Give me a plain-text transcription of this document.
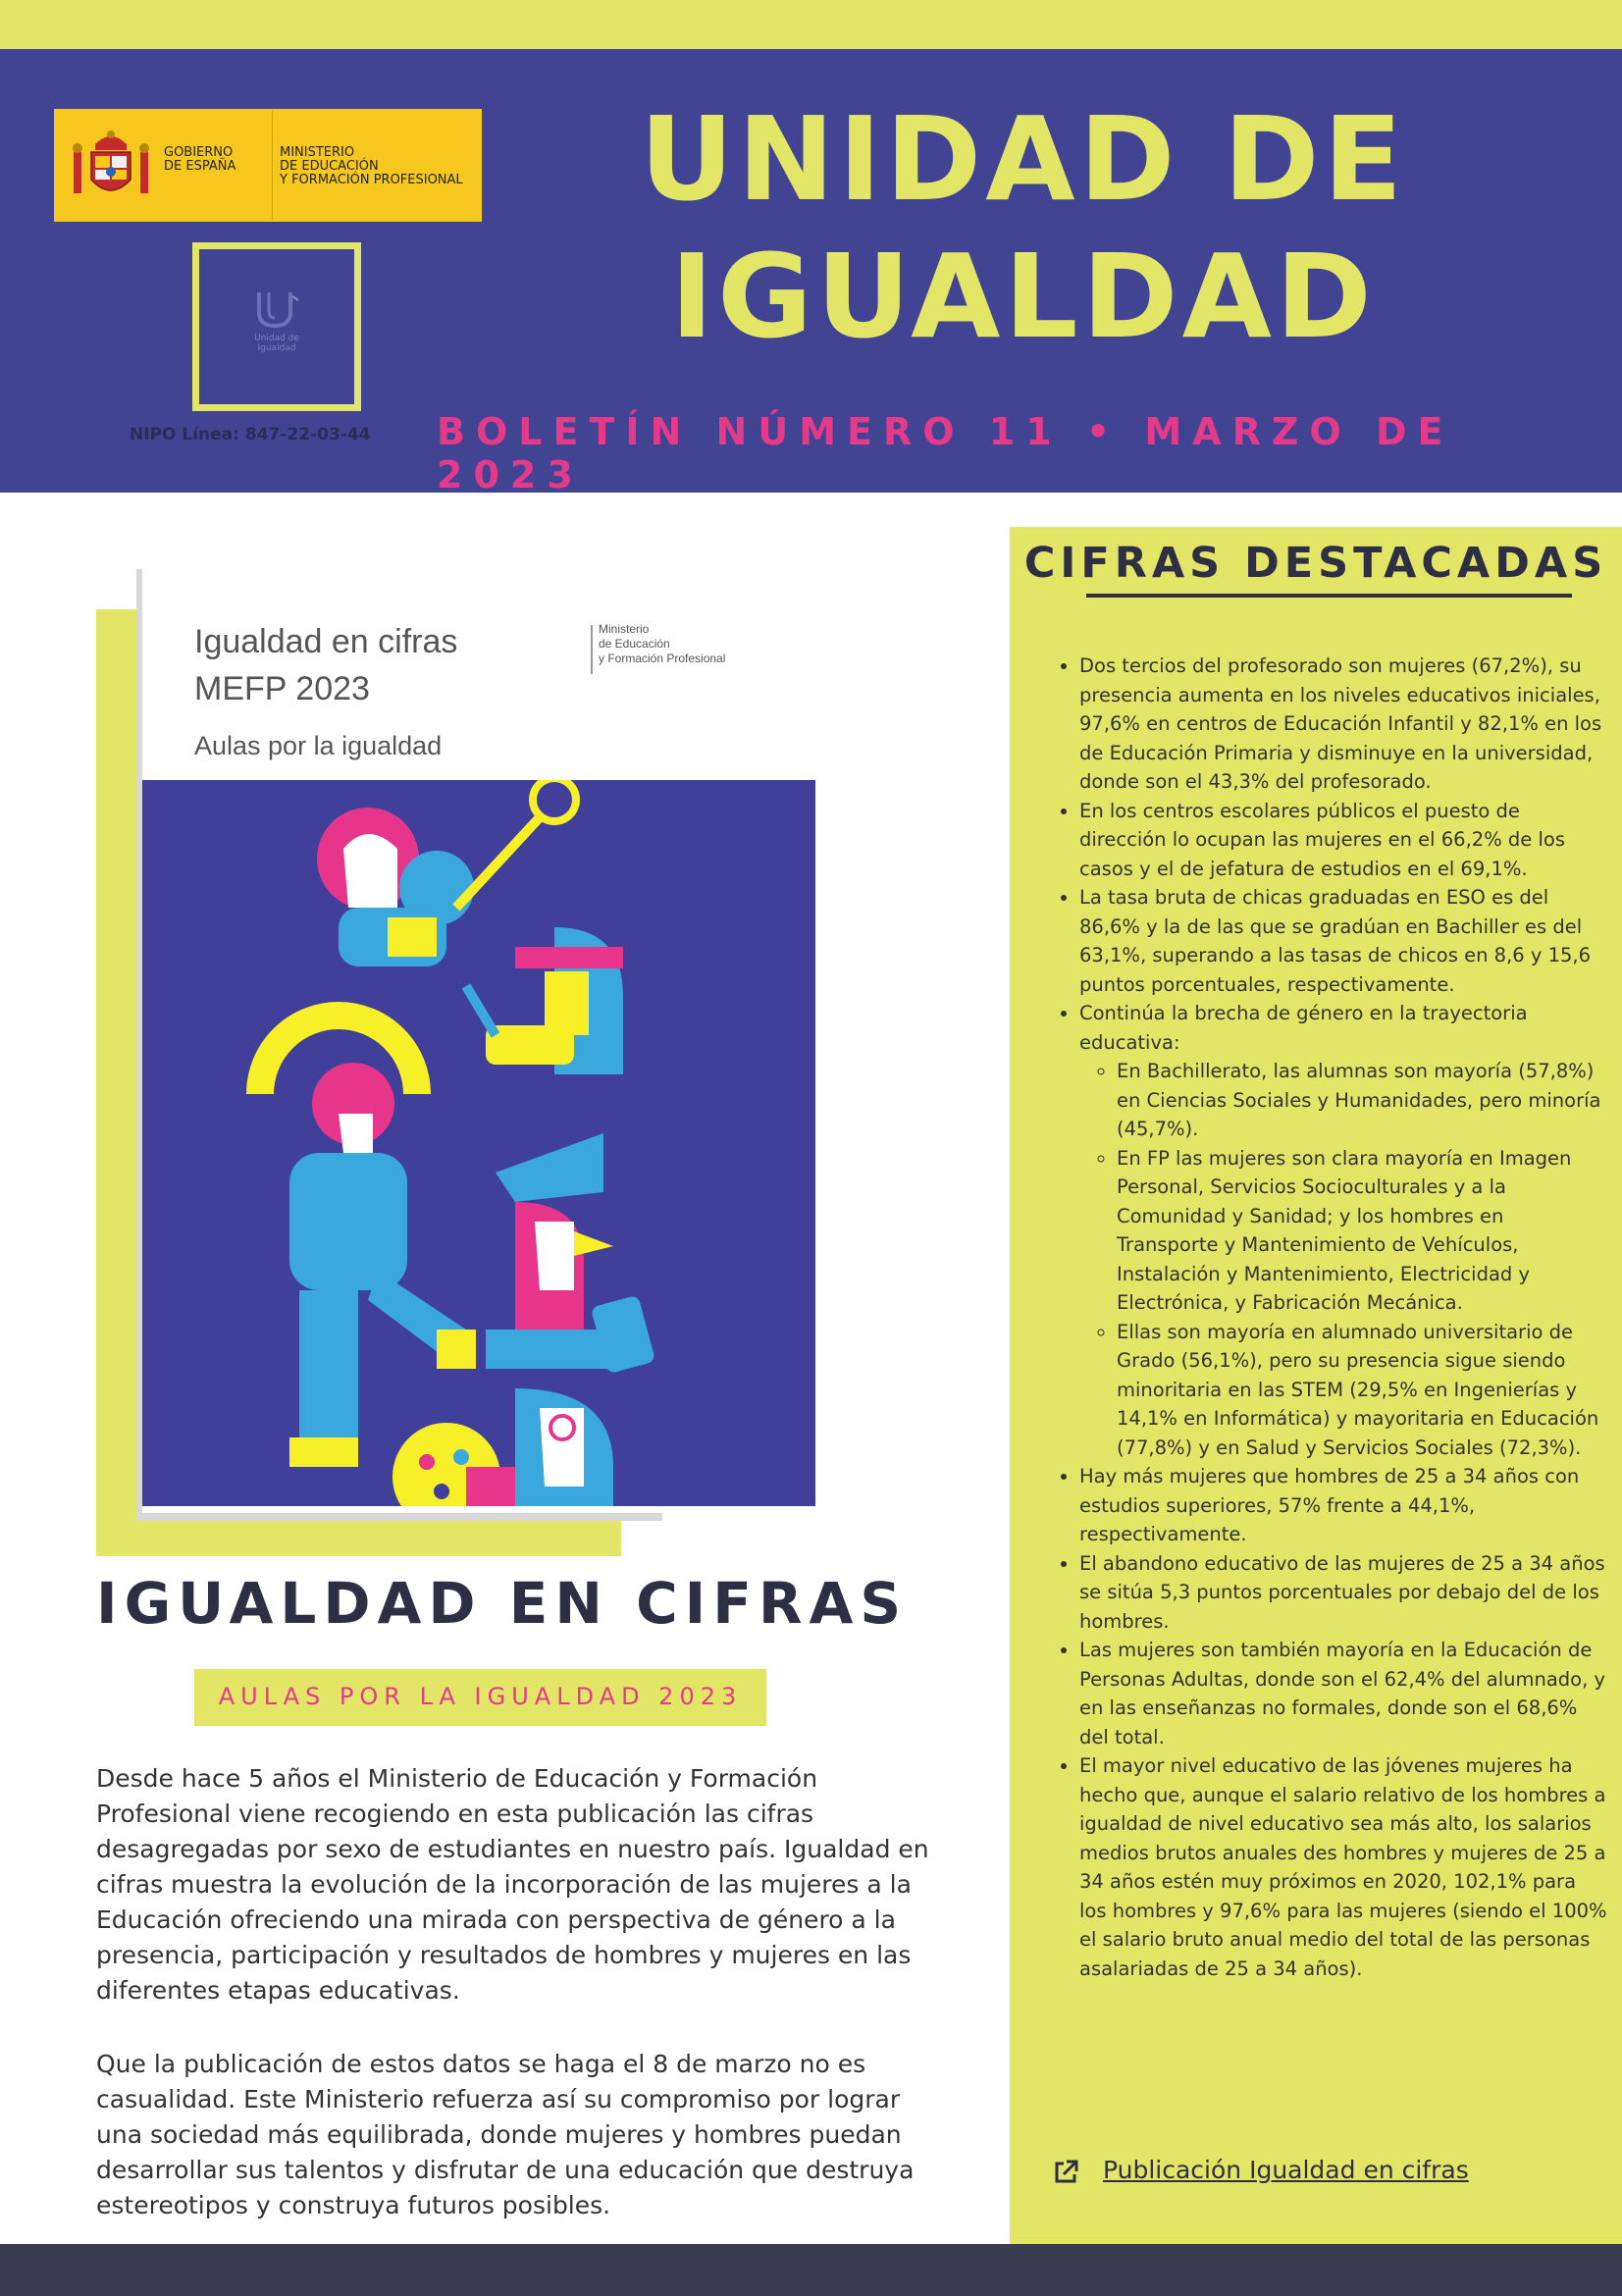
GOBIERNO
DE ESPAÑA
MINISTERIO
DE EDUCACIÓN
Y FORMACIÓN PROFESIONAL
Unidad de
Igualdad
NIPO Línea: 847-22-03-44
UNIDAD DE
IGUALDAD
BOLETÍN NÚMERO 11 • MARZO DE 2023
Igualdad en cifras
MEFP 2023
Aulas por la igualdad
Ministerio
de Educación
y Formación Profesional
IGUALDAD EN CIFRAS
AULAS POR LA IGUALDAD 2023
Desde hace 5 años el Ministerio de Educación y Formación Profesional viene recogiendo en esta publicación las cifras desagregadas por sexo de estudiantes en nuestro país. Igualdad en cifras muestra la evolución de la incorporación de las mujeres a la Educación ofreciendo una mirada con perspectiva de género a la presencia, participación y resultados de hombres y mujeres en las diferentes etapas educativas.
Que la publicación de estos datos se haga el 8 de marzo no es casualidad. Este Ministerio refuerza así su compromiso por lograr una sociedad más equilibrada, donde mujeres y hombres puedan desarrollar sus talentos y disfrutar de una educación que destruya estereotipos y construya futuros posibles.
CIFRAS DESTACADAS
• Dos tercios del profesorado son mujeres (67,2%), su presencia aumenta en los niveles educativos iniciales, 97,6% en centros de Educación Infantil y 82,1% en los de Educación Primaria y disminuye en la universidad, donde son el 43,3% del profesorado.
• En los centros escolares públicos el puesto de dirección lo ocupan las mujeres en el 66,2% de los casos y el de jefatura de estudios en el 69,1%.
• La tasa bruta de chicas graduadas en ESO es del 86,6% y la de las que se gradúan en Bachiller es del 63,1%, superando a las tasas de chicos en 8,6 y 15,6 puntos porcentuales, respectivamente.
• Continúa la brecha de género en la trayectoria educativa:
◦ En Bachillerato, las alumnas son mayoría (57,8%) en Ciencias Sociales y Humanidades, pero minoría (45,7%).
◦ En FP las mujeres son clara mayoría en Imagen Personal, Servicios Socioculturales y a la Comunidad y Sanidad; y los hombres en Transporte y Mantenimiento de Vehículos, Instalación y Mantenimiento, Electricidad y Electrónica, y Fabricación Mecánica.
◦ Ellas son mayoría en alumnado universitario de Grado (56,1%), pero su presencia sigue siendo minoritaria en las STEM (29,5% en Ingenierías y 14,1% en Informática) y mayoritaria en Educación (77,8%) y en Salud y Servicios Sociales (72,3%).
• Hay más mujeres que hombres de 25 a 34 años con estudios superiores, 57% frente a 44,1%, respectivamente.
• El abandono educativo de las mujeres de 25 a 34 años se sitúa 5,3 puntos porcentuales por debajo del de los hombres.
• Las mujeres son también mayoría en la Educación de Personas Adultas, donde son el 62,4% del alumnado, y en las enseñanzas no formales, donde son el 68,6% del total.
• El mayor nivel educativo de las jóvenes mujeres ha hecho que, aunque el salario relativo de los hombres a igualdad de nivel educativo sea más alto, los salarios medios brutos anuales des hombres y mujeres de 25 a 34 años estén muy próximos en 2020, 102,1% para los hombres y 97,6% para las mujeres (siendo el 100% el salario bruto anual medio del total de las personas asalariadas de 25 a 34 años).
Publicación Igualdad en cifras
